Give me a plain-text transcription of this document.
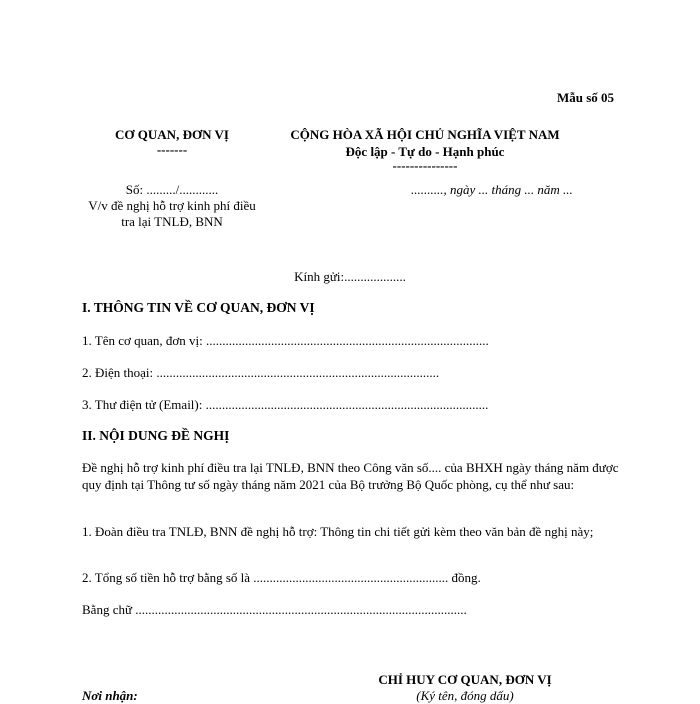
Mẫu số 05
CƠ QUAN, ĐƠN VỊ
-------
Số: ........./............
V/v đề nghị hỗ trợ kinh phí điều
tra lại TNLĐ, BNN
CỘNG HÒA XÃ HỘI CHỦ NGHĨA VIỆT NAM
Độc lập - Tự do - Hạnh phúc
---------------
.........., ngày ... tháng ... năm ...
Kính gửi:...................
I. THÔNG TIN VỀ CƠ QUAN, ĐƠN VỊ
1. Tên cơ quan, đơn vị: .......................................................................................
2. Điện thoại: .......................................................................................
3. Thư điện tử (Email): .......................................................................................
II. NỘI DUNG ĐỀ NGHỊ
Đề nghị hỗ trợ kinh phí điều tra lại TNLĐ, BNN theo Công văn số.... của BHXH ngày tháng năm được quy định tại Thông tư số ngày tháng năm 2021 của Bộ trưởng Bộ Quốc phòng, cụ thể như sau:
1. Đoàn điều tra TNLĐ, BNN đề nghị hỗ trợ: Thông tin chi tiết gửi kèm theo văn bản đề nghị này;
2. Tổng số tiền hỗ trợ bằng số là ............................................................ đồng.
Bằng chữ ......................................................................................................
CHỈ HUY CƠ QUAN, ĐƠN VỊ
(Ký tên, đóng dấu)
Nơi nhận:
